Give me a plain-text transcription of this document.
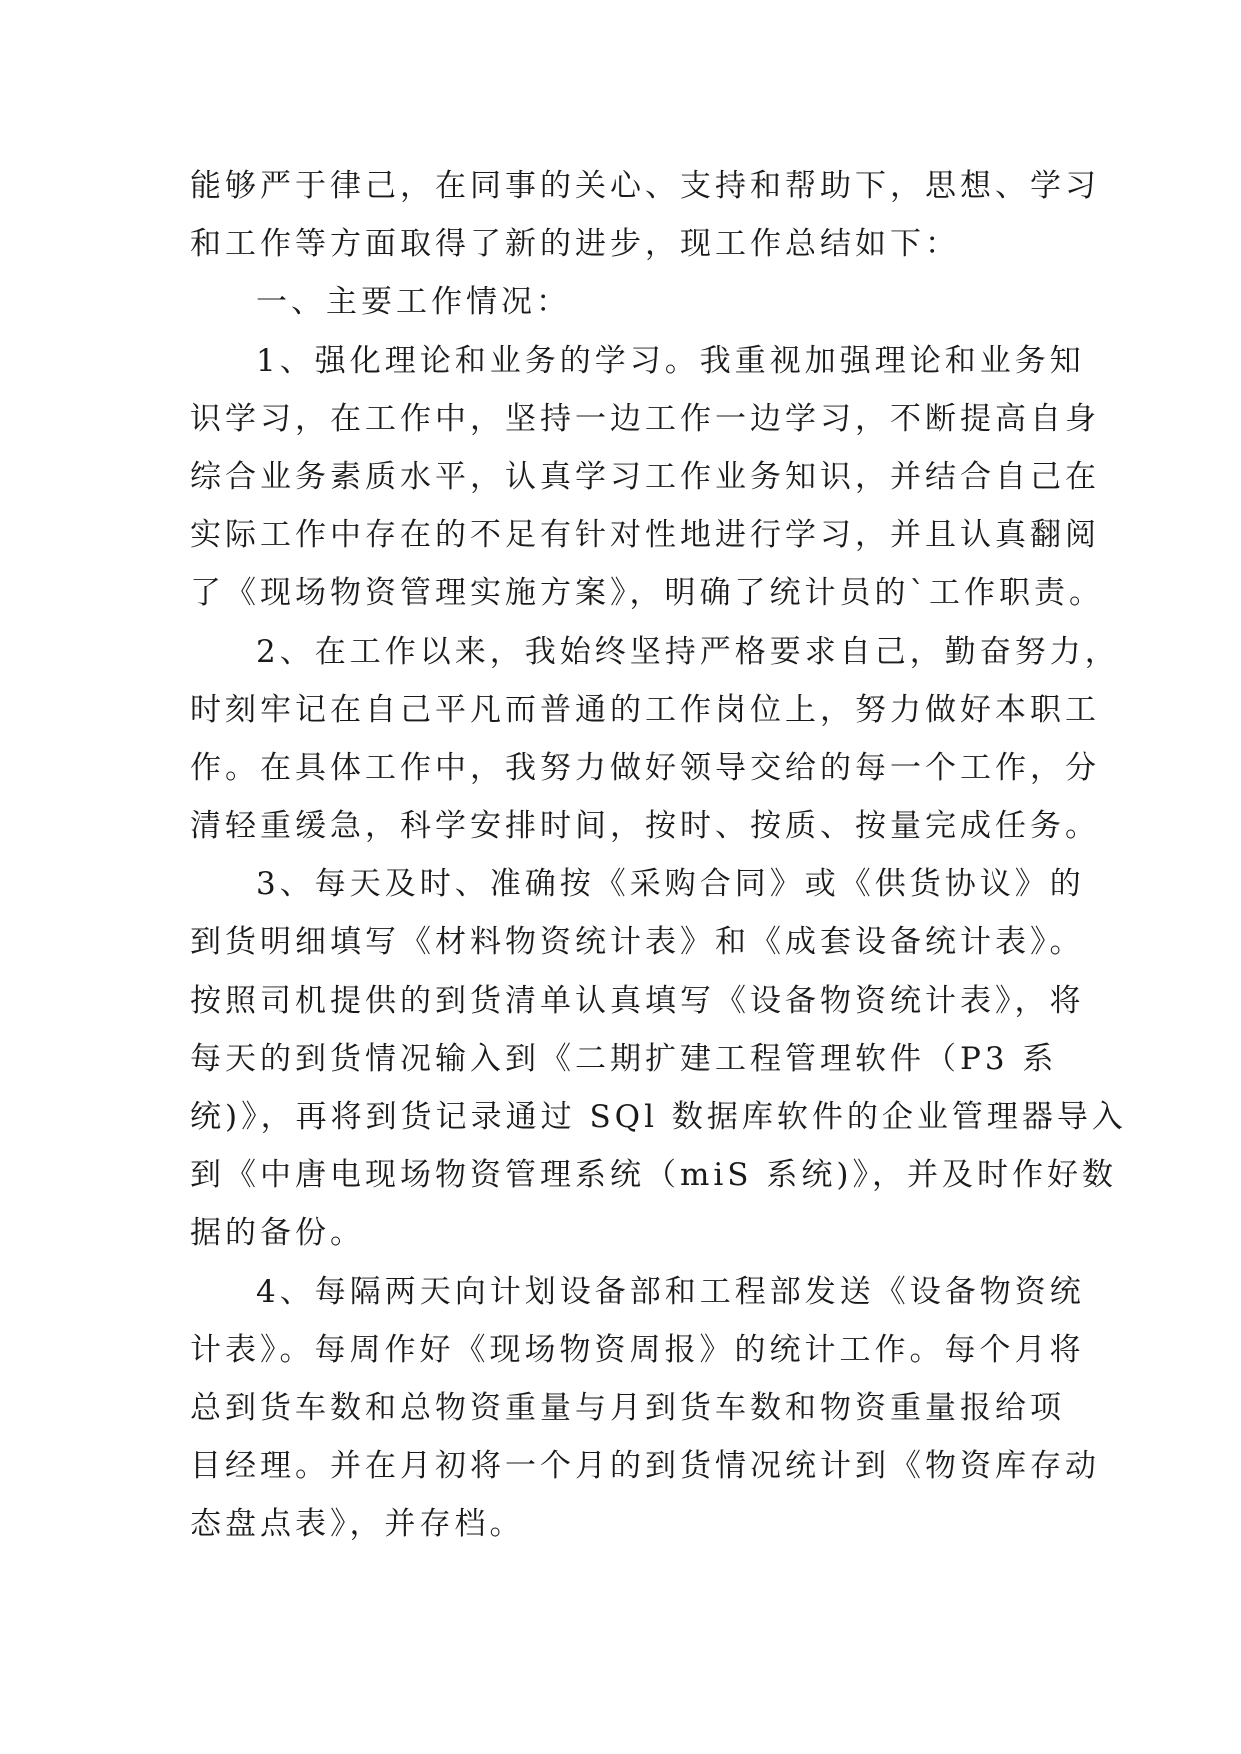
能够严于律己，在同事的关心、支持和帮助下，思想、学习
和工作等方面取得了新的进步，现工作总结如下：
一、主要工作情况：
1、强化理论和业务的学习。我重视加强理论和业务知
识学习，在工作中，坚持一边工作一边学习，不断提高自身
综合业务素质水平，认真学习工作业务知识，并结合自己在
实际工作中存在的不足有针对性地进行学习，并且认真翻阅
了《现场物资管理实施方案》，明确了统计员的`工作职责。
2、在工作以来，我始终坚持严格要求自己，勤奋努力，
时刻牢记在自己平凡而普通的工作岗位上，努力做好本职工
作。在具体工作中，我努力做好领导交给的每一个工作，分
清轻重缓急，科学安排时间，按时、按质、按量完成任务。
3、每天及时、准确按《采购合同》或《供货协议》的
到货明细填写《材料物资统计表》和《成套设备统计表》。
按照司机提供的到货清单认真填写《设备物资统计表》，将
每天的到货情况输入到《二期扩建工程管理软件（P3 系
统)》，再将到货记录通过 SQl 数据库软件的企业管理器导入
到《中唐电现场物资管理系统（miS 系统)》，并及时作好数
据的备份。
4、每隔两天向计划设备部和工程部发送《设备物资统
计表》。每周作好《现场物资周报》的统计工作。每个月将
总到货车数和总物资重量与月到货车数和物资重量报给项
目经理。并在月初将一个月的到货情况统计到《物资库存动
态盘点表》，并存档。
